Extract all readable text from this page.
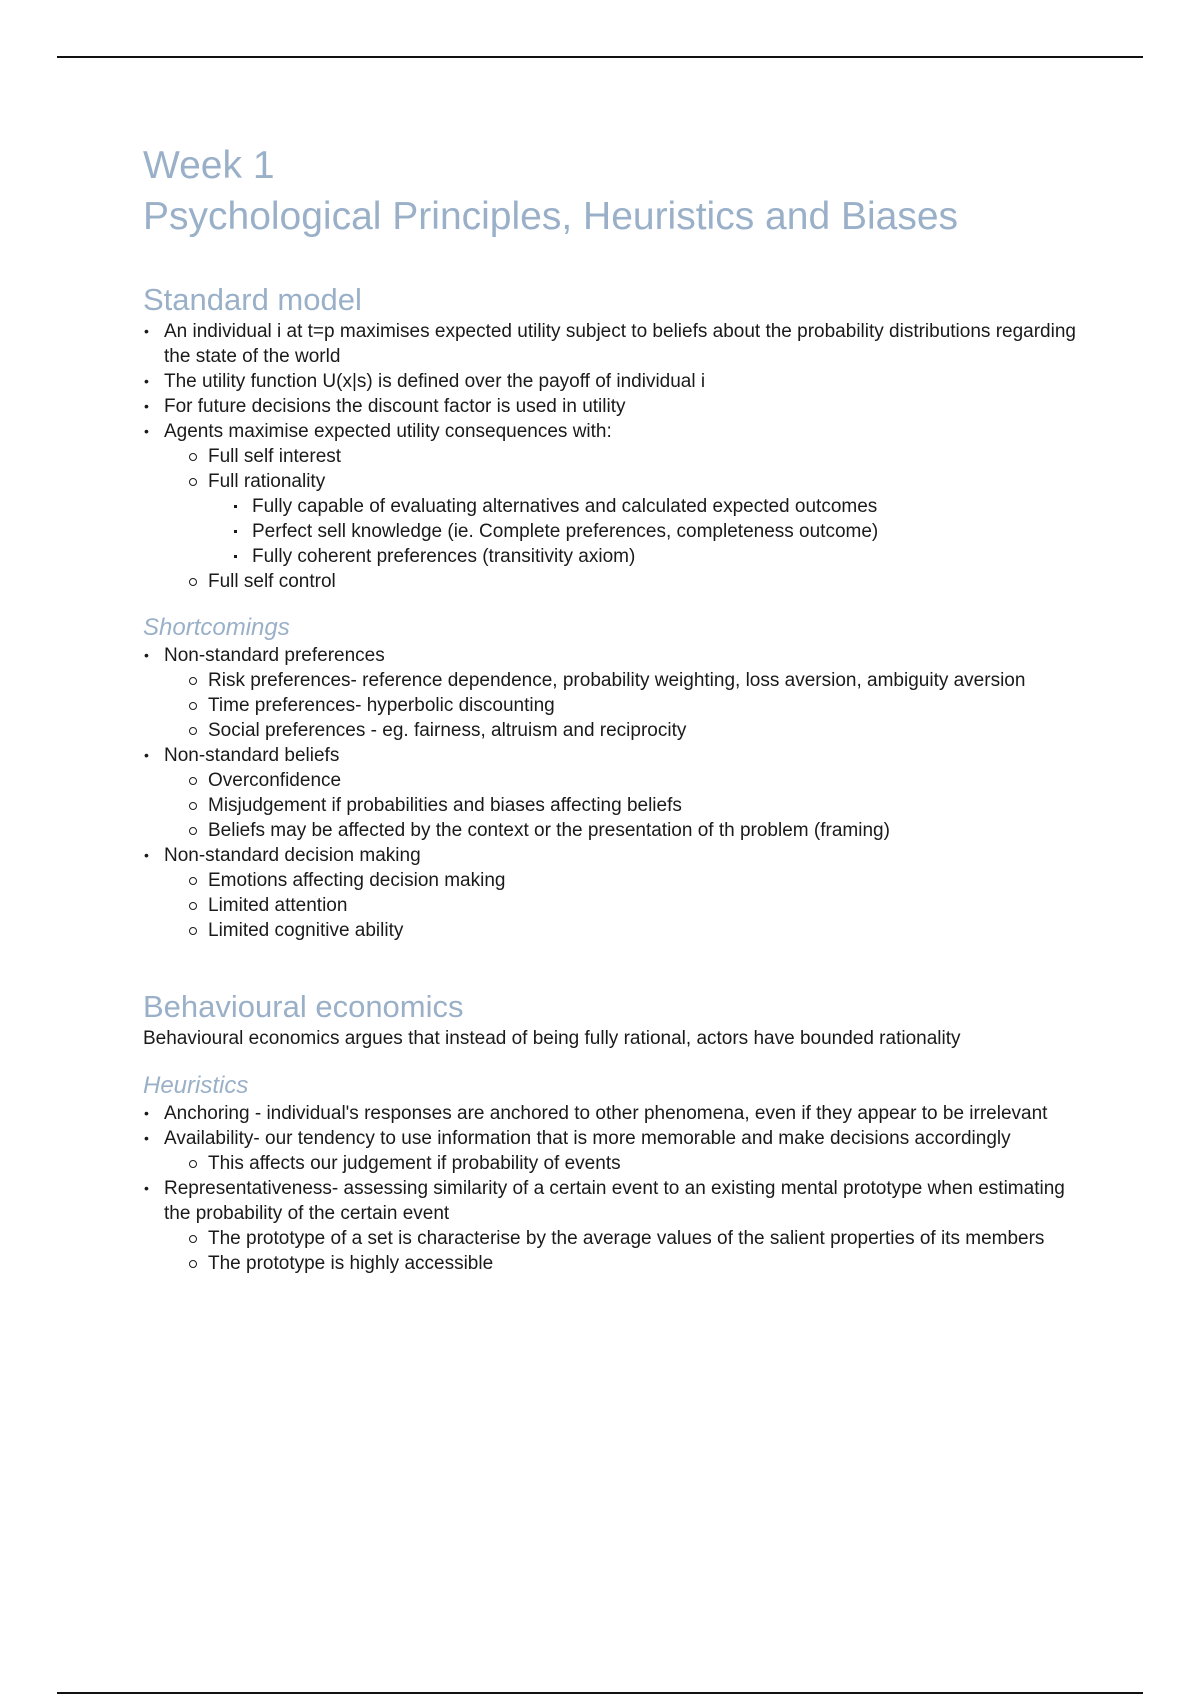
Week 1
Psychological Principles, Heuristics and Biases
Standard model
• An individual i at t=p maximises expected utility subject to beliefs about the probability distributions regarding the state of the world
• The utility function U(x|s) is defined over the payoff of individual i
• For future decisions the discount factor is used in utility
• Agents maximise expected utility consequences with:
Full self interest
Full rationality
Fully capable of evaluating alternatives and calculated expected outcomes
Perfect sell knowledge (ie. Complete preferences, completeness outcome)
Fully coherent preferences (transitivity axiom)
Full self control
Shortcomings
• Non-standard preferences
Risk preferences- reference dependence, probability weighting, loss aversion, ambiguity aversion
Time preferences- hyperbolic discounting
Social preferences - eg. fairness, altruism and reciprocity
• Non-standard beliefs
Overconfidence
Misjudgement if probabilities and biases affecting beliefs
Beliefs may be affected by the context or the presentation of th problem (framing)
• Non-standard decision making
Emotions affecting decision making
Limited attention
Limited cognitive ability
Behavioural economics

Behavioural economics argues that instead of being fully rational, actors have bounded rationality

Heuristics
• Anchoring - individual's responses are anchored to other phenomena, even if they appear to be irrelevant
• Availability- our tendency to use information that is more memorable and make decisions accordingly
This affects our judgement if probability of events
• Representativeness- assessing similarity of a certain event to an existing mental prototype when estimating the probability of the certain event
The prototype of a set is characterise by the average values of the salient properties of its members
The prototype is highly accessible
